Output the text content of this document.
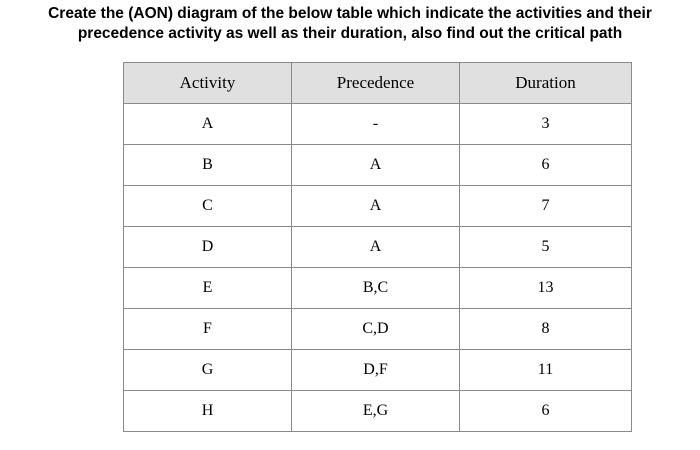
Create the (AON) diagram of the below table which indicate the activities and their
precedence activity as well as their duration, also find out the critical path
Activity	Precedence	Duration
A	-	3
B	A	6
C	A	7
D	A	5
E	B,C	13
F	C,D	8
G	D,F	11
H	E,G	6
